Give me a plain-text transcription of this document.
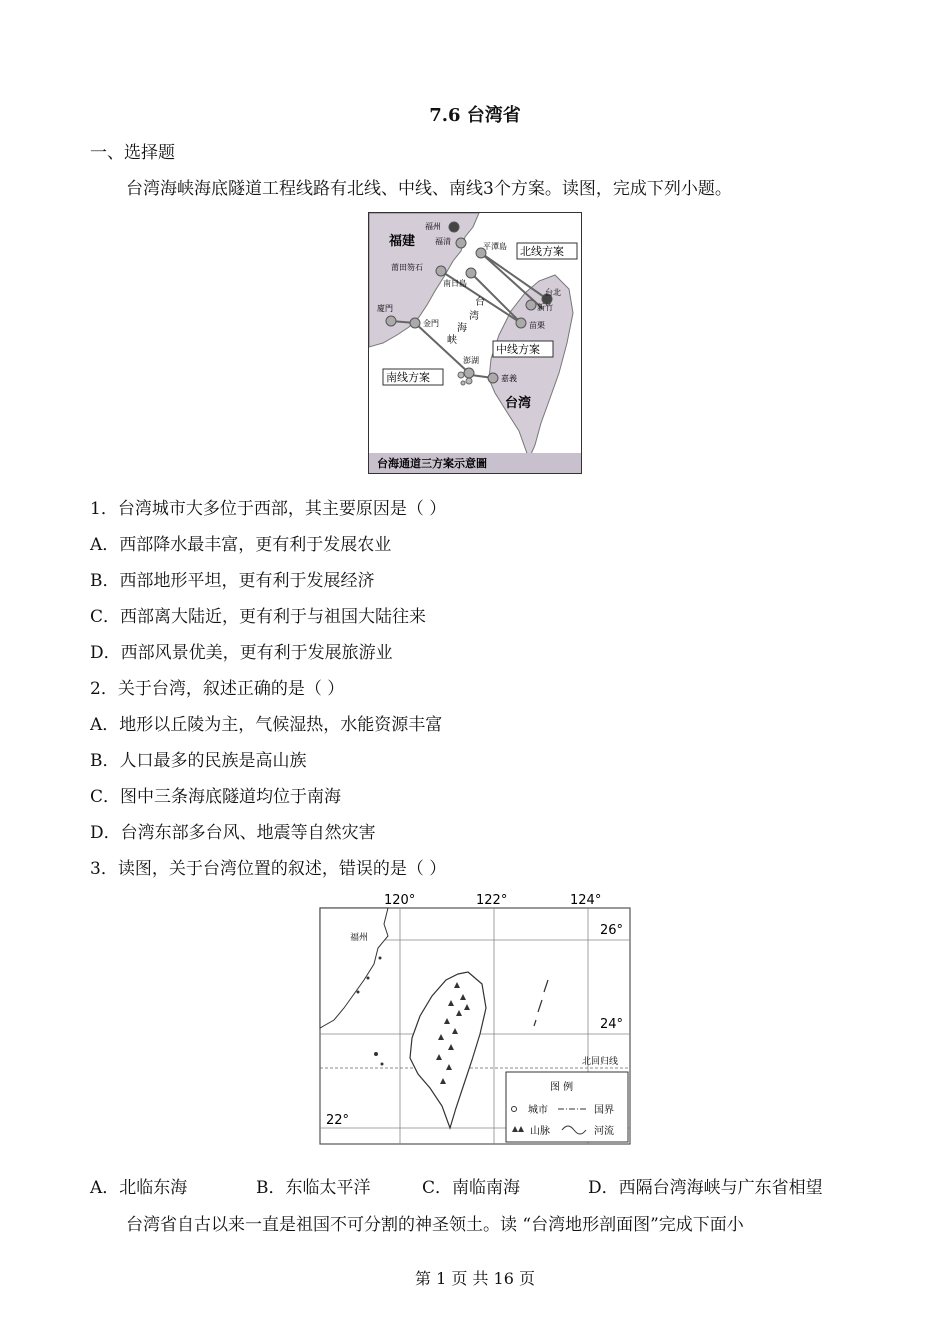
7.6 台湾省
一、选择题
台湾海峡海底隧道工程线路有北线、中线、南线3个方案。读图，完成下列小题。
福建
福州
福清
平潭島
莆田笏石
南日島
廈門
金門
澎湖
台北
新竹
苗栗
嘉義
台
湾
海
峡
台湾
北线方案
中线方案
南线方案
台海通道三方案示意圖
1．台湾城市大多位于西部，其主要原因是（ ）
A．西部降水最丰富，更有利于发展农业
B．西部地形平坦，更有利于发展经济
C．西部离大陆近，更有利于与祖国大陆往来
D．西部风景优美，更有利于发展旅游业
2．关于台湾，叙述正确的是（ ）
A．地形以丘陵为主，气候湿热，水能资源丰富
B．人口最多的民族是高山族
C．图中三条海底隧道均位于南海
D．台湾东部多台风、地震等自然灾害
3．读图，关于台湾位置的叙述，错误的是（ ）
120°	122°	124°
26°
24°
22°
福州
北回归线
图 例
城市	国界
山脉	河流
A．北临东海	B．东临太平洋	C．南临南海	D．西隔台湾海峡与广东省相望
台湾省自古以来一直是祖国不可分割的神圣领土。读 “台湾地形剖面图”完成下面小
第 1 页 共 16 页
